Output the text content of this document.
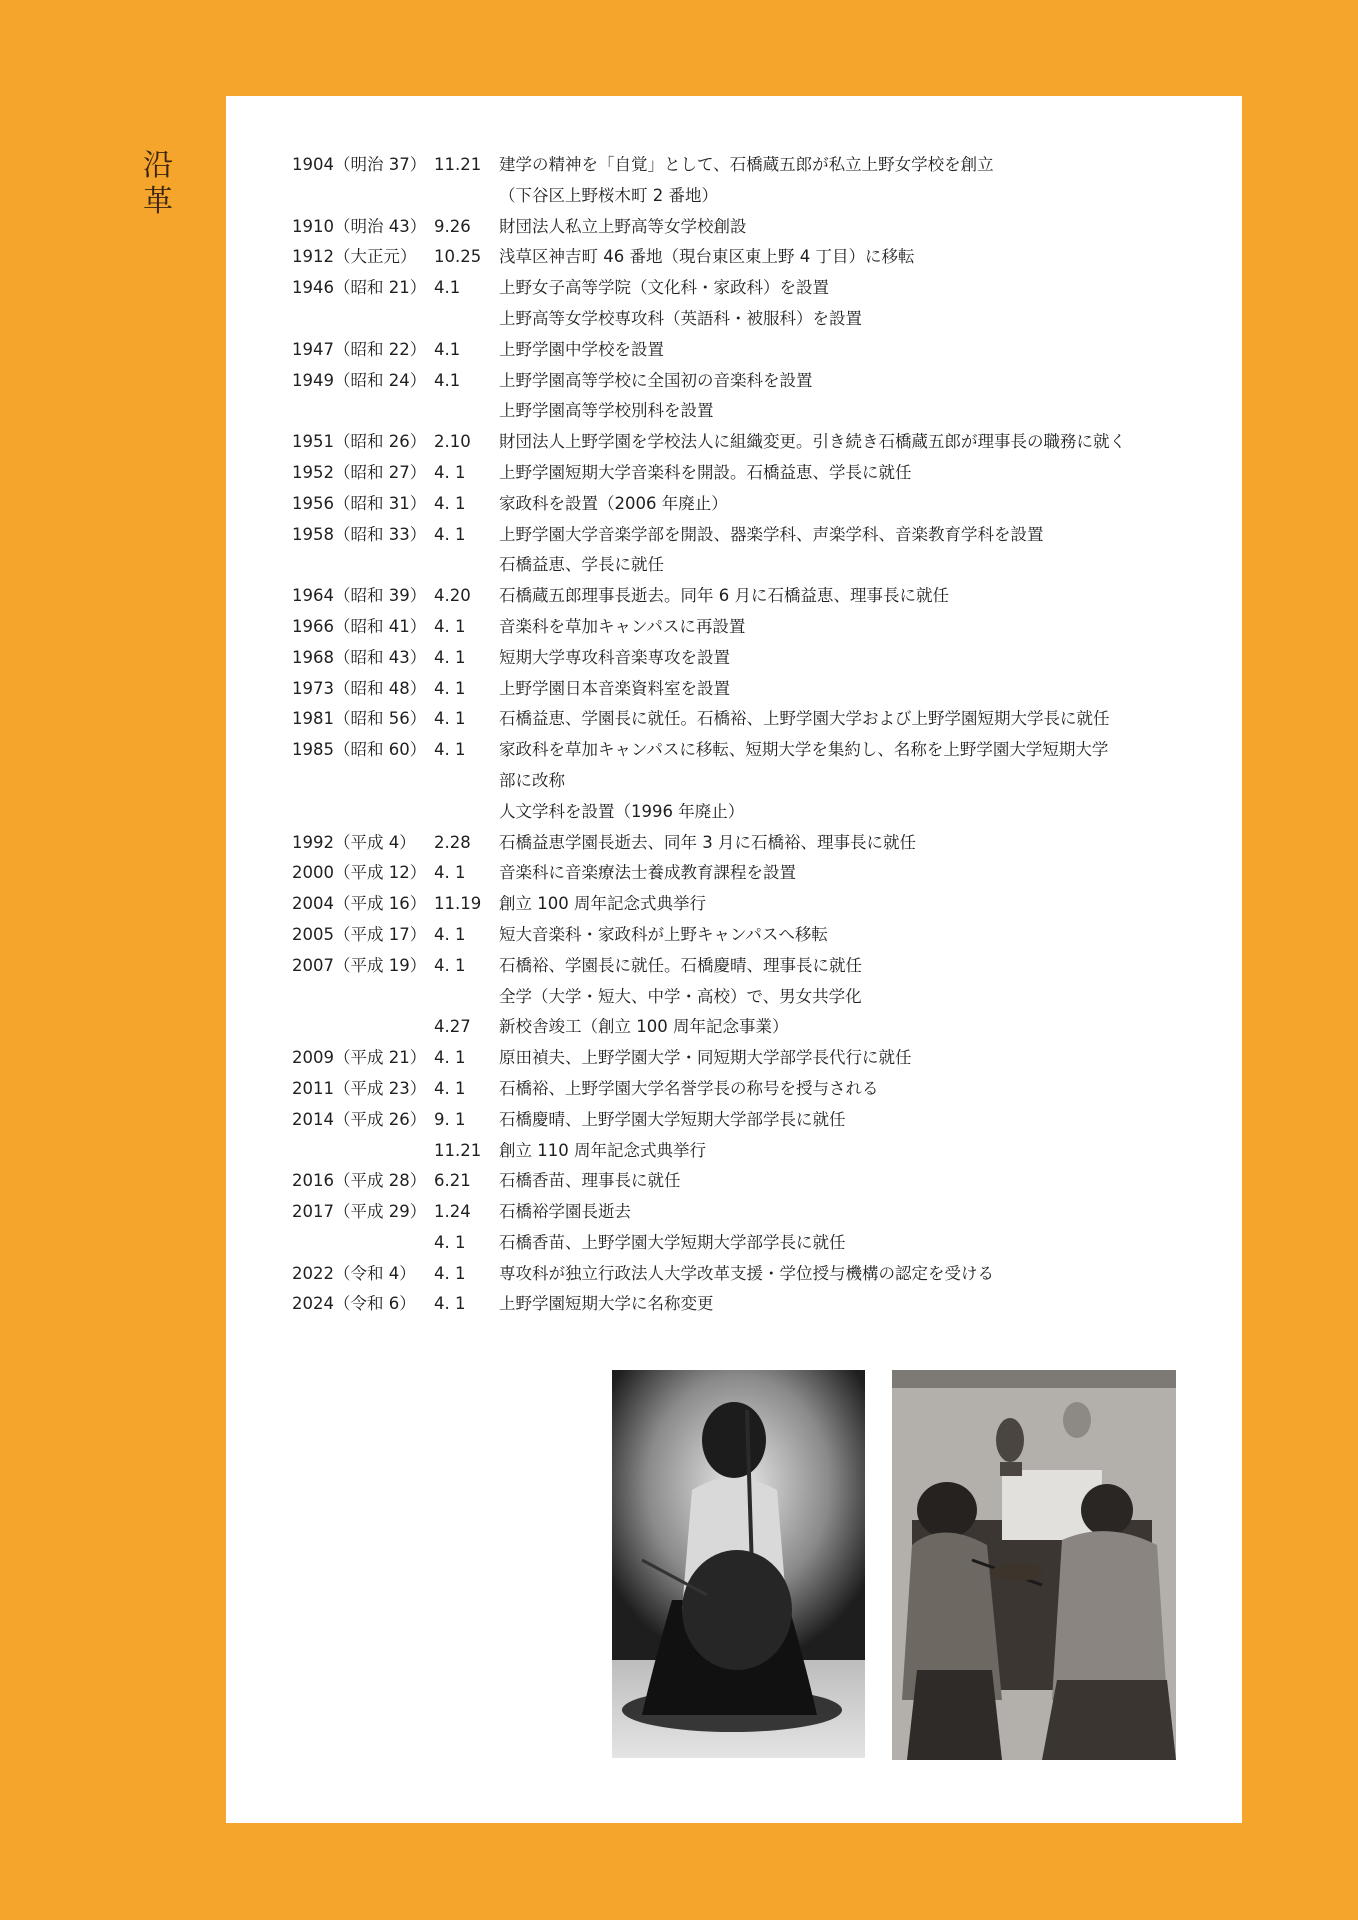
沿
革
1904（明治 37） 11.21	建学の精神を「自覚」として、石橋蔵五郎が私立上野女学校を創立
（下谷区上野桜木町 2 番地）
1910（明治 43） 9.26	財団法人私立上野高等女学校創設
1912（大正元）	10.25	浅草区神吉町 46 番地（現台東区東上野 4 丁目）に移転
1946（昭和 21） 4.1	上野女子高等学院（文化科・家政科）を設置
上野高等女学校専攻科（英語科・被服科）を設置
1947（昭和 22） 4.1	上野学園中学校を設置
1949（昭和 24） 4.1	上野学園高等学校に全国初の音楽科を設置
上野学園高等学校別科を設置
1951（昭和 26） 2.10	財団法人上野学園を学校法人に組織変更。引き続き石橋蔵五郎が理事長の職務に就く
1952（昭和 27） 4. 1	上野学園短期大学音楽科を開設。石橋益恵、学長に就任
1956（昭和 31） 4. 1	家政科を設置（2006 年廃止）
1958（昭和 33） 4. 1	上野学園大学音楽学部を開設、器楽学科、声楽学科、音楽教育学科を設置
石橋益恵、学長に就任
1964（昭和 39） 4.20	石橋蔵五郎理事長逝去。同年 6 月に石橋益恵、理事長に就任
1966（昭和 41） 4. 1	音楽科を草加キャンパスに再設置
1968（昭和 43） 4. 1	短期大学専攻科音楽専攻を設置
1973（昭和 48） 4. 1	上野学園日本音楽資料室を設置
1981（昭和 56） 4. 1	石橋益恵、学園長に就任。石橋裕、上野学園大学および上野学園短期大学長に就任
1985（昭和 60） 4. 1	家政科を草加キャンパスに移転、短期大学を集約し、名称を上野学園大学短期大学
部に改称
人文学科を設置（1996 年廃止）
1992（平成 4）	2.28	石橋益恵学園長逝去、同年 3 月に石橋裕、理事長に就任
2000（平成 12） 4. 1	音楽科に音楽療法士養成教育課程を設置
2004（平成 16） 11.19	創立 100 周年記念式典挙行
2005（平成 17） 4. 1	短大音楽科・家政科が上野キャンパスへ移転
2007（平成 19） 4. 1	石橋裕、学園長に就任。石橋慶晴、理事長に就任
全学（大学・短大、中学・高校）で、男女共学化
4.27	新校舎竣工（創立 100 周年記念事業）
2009（平成 21） 4. 1	原田禎夫、上野学園大学・同短期大学部学長代行に就任
2011（平成 23） 4. 1	石橋裕、上野学園大学名誉学長の称号を授与される
2014（平成 26） 9. 1	石橋慶晴、上野学園大学短期大学部学長に就任
11.21	創立 110 周年記念式典挙行
2016（平成 28） 6.21	石橋香苗、理事長に就任
2017（平成 29） 1.24	石橋裕学園長逝去
4. 1	石橋香苗、上野学園大学短期大学部学長に就任
2022（令和 4）	4. 1	専攻科が独立行政法人大学改革支援・学位授与機構の認定を受ける
2024（令和 6）	4. 1	上野学園短期大学に名称変更
